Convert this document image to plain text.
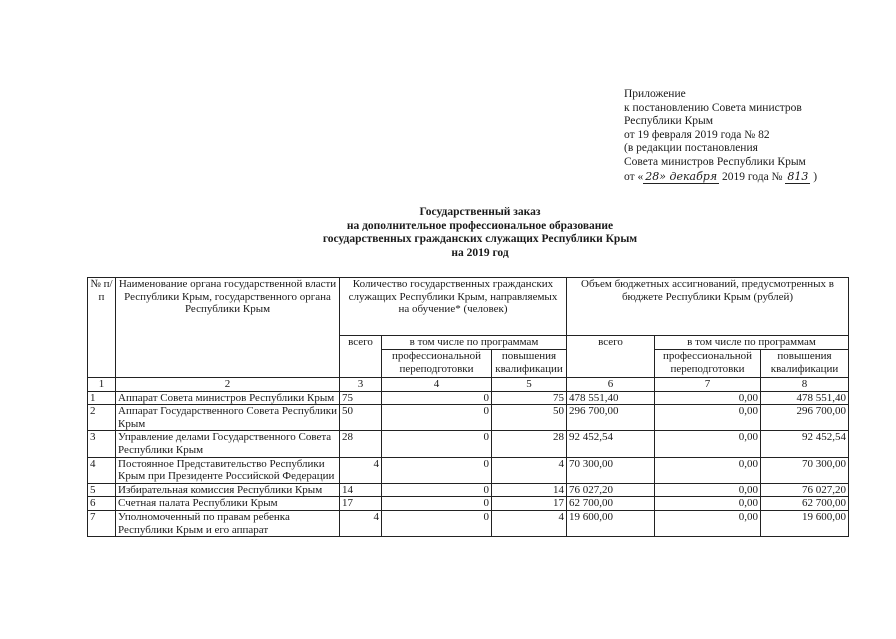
Приложение
к постановлению Совета министров
Республики Крым
от 19 февраля 2019 года № 82
(в редакции постановления
Совета министров Республики Крым
от « 28» декабря 2019 года № 813 )
Государственный заказ
на дополнительное профессиональное образование
государственных гражданских служащих Республики Крым
на 2019 год
№ п/п	Наименование органа государственной власти Республики Крым, государственного органа Республики Крым	Количество государственных гражданских служащих Республики Крым, направляемых на обучение* (человек)			Объем бюджетных ассигнований, предусмотренных в бюджете Республики Крым (рублей)		
		всего	в том числе по программам		всего	в том числе по программам	
			профессиональной переподготовки	повышения квалификации		профессиональной переподготовки	повышения квалификации
1	2	3	4	5	6	7	8
1	Аппарат Совета министров Республики Крым	75	0	75	478 551,40	0,00	478 551,40
2	Аппарат Государственного Совета Республики Крым	50	0	50	296 700,00	0,00	296 700,00
3	Управление делами Государственного Совета Республики Крым	28	0	28	92 452,54	0,00	92 452,54
4	Постоянное Представительство Республики Крым при Президенте Российской Федерации	4	0	4	70 300,00	0,00	70 300,00
5	Избирательная комиссия Республики Крым	14	0	14	76 027,20	0,00	76 027,20
6	Счетная палата Республики Крым	17	0	17	62 700,00	0,00	62 700,00
7	Уполномоченный по правам ребенка Республики Крым и его аппарат	4	0	4	19 600,00	0,00	19 600,00
